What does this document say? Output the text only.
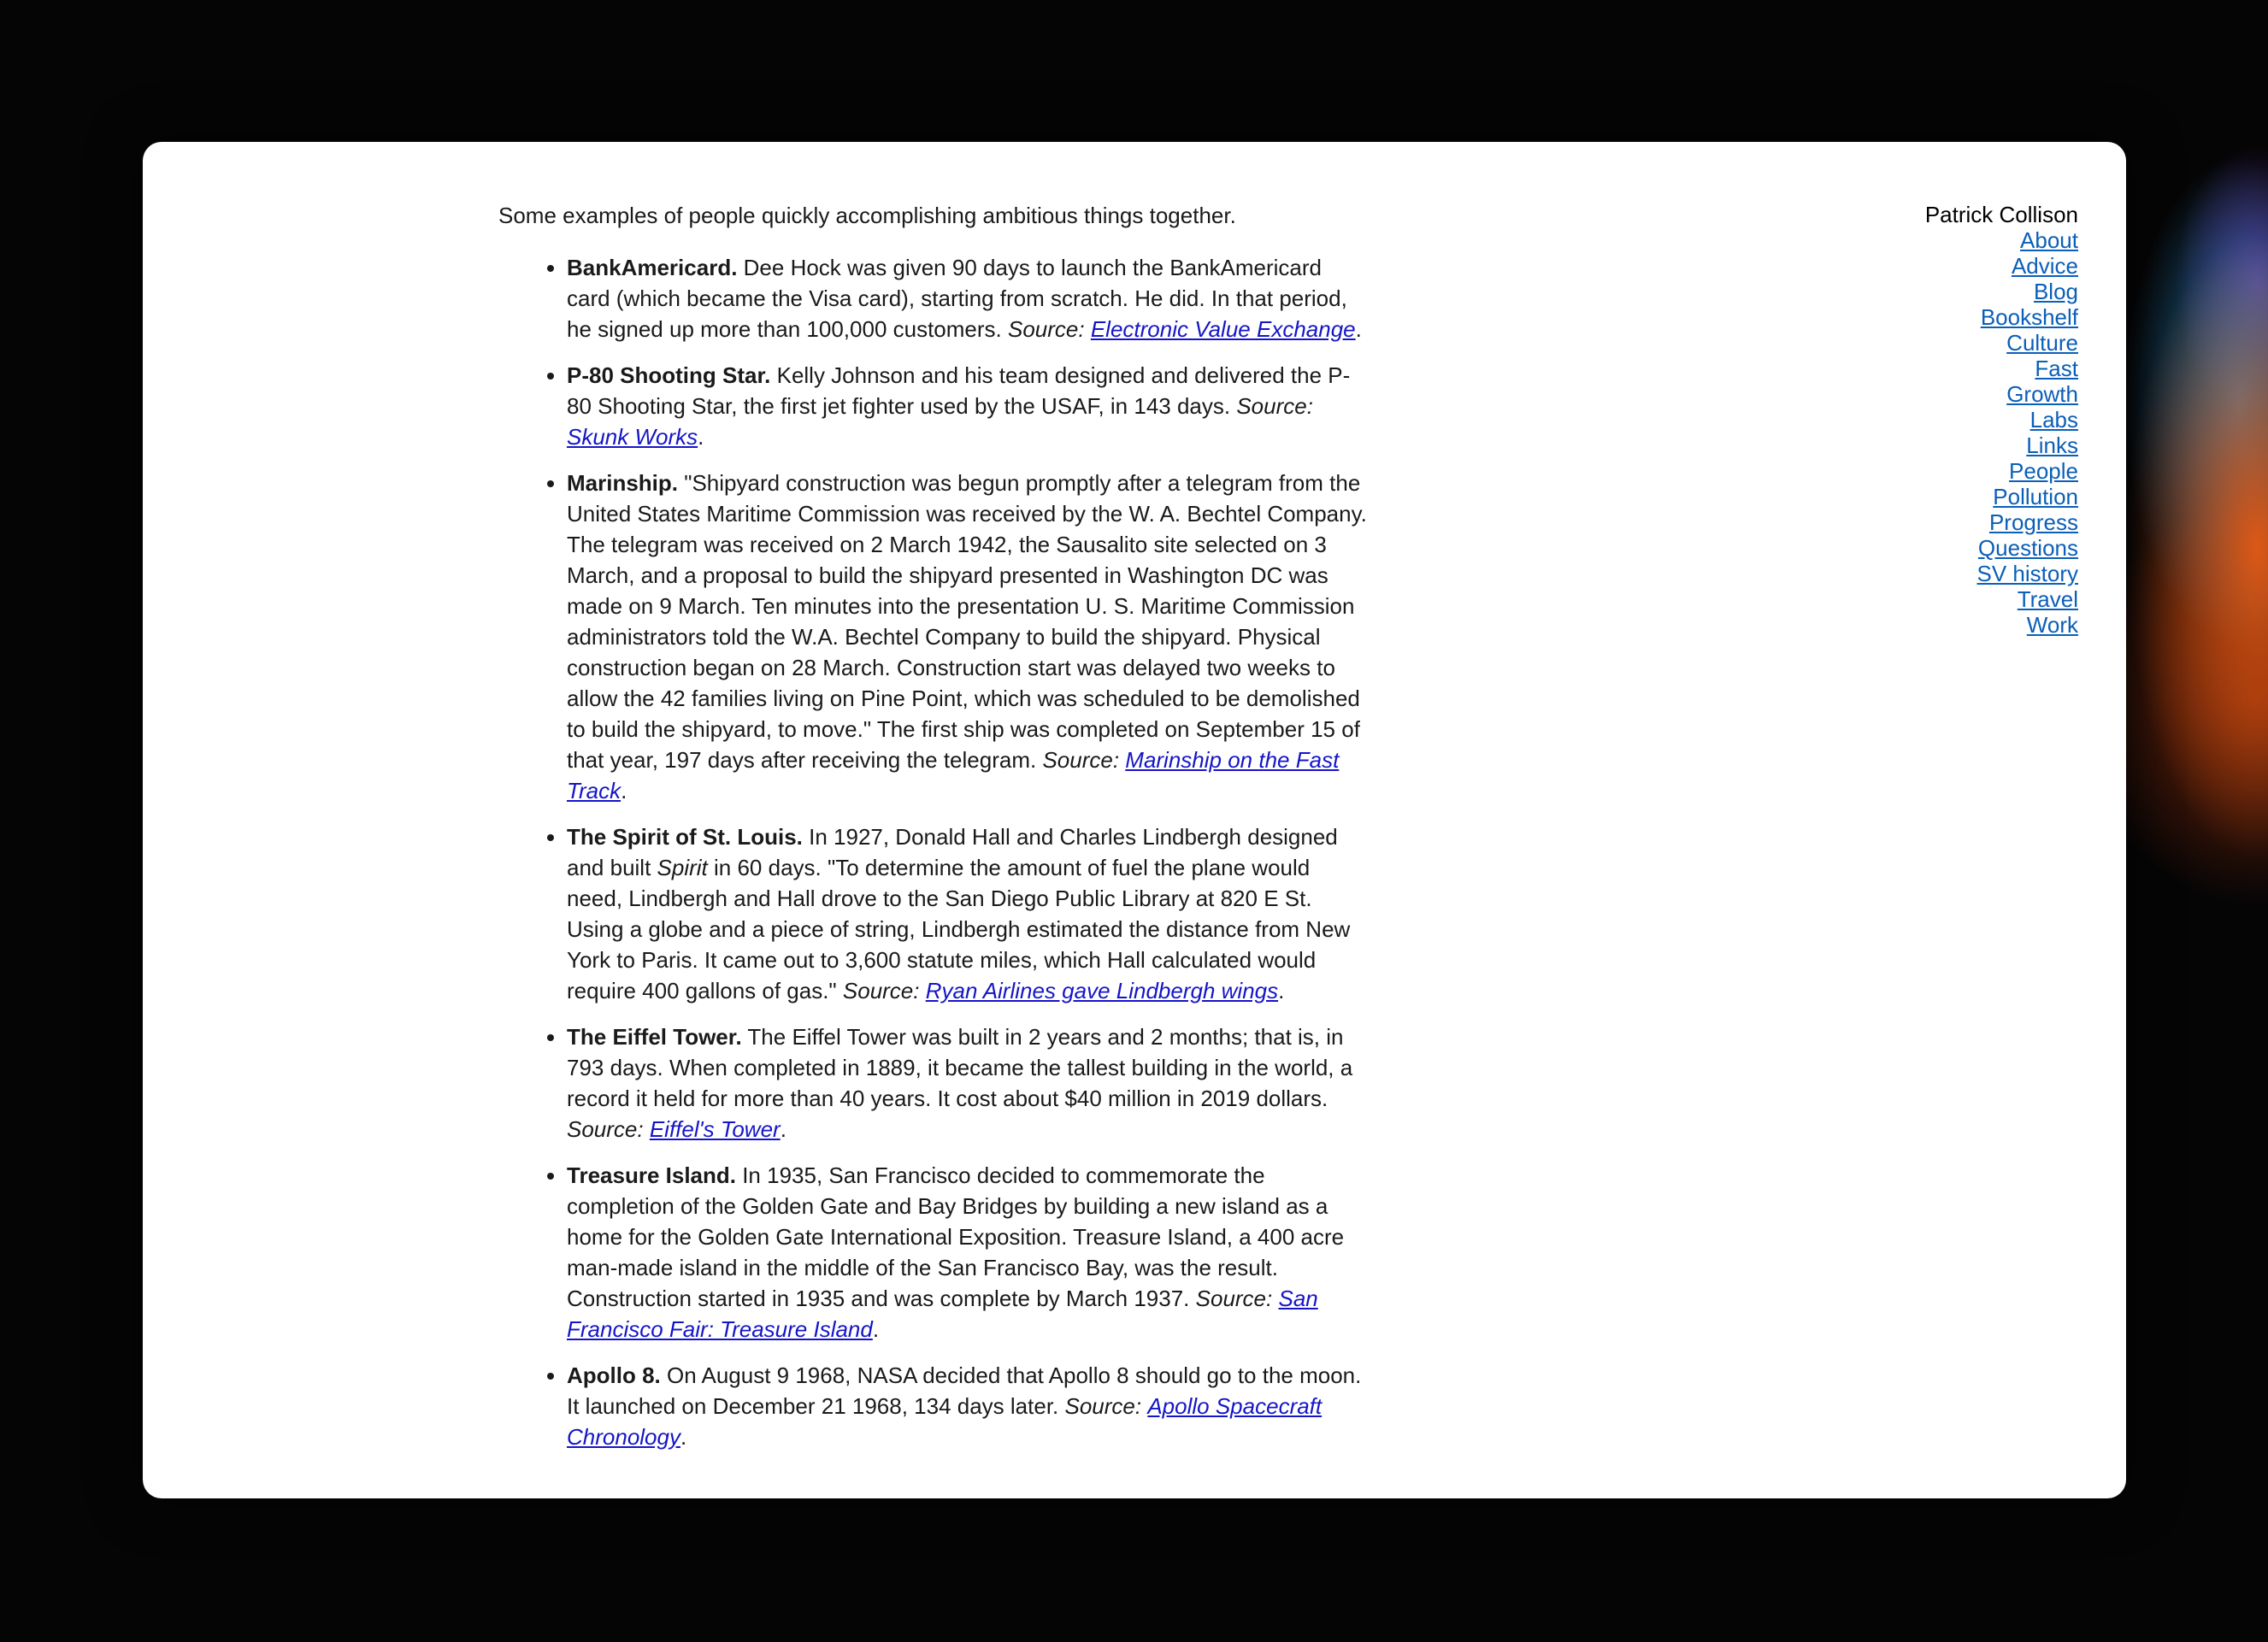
Some examples of people quickly accomplishing ambitious things together.

• BankAmericard. Dee Hock was given 90 days to launch the BankAmericard card (which became the Visa card), starting from scratch. He did. In that period, he signed up more than 100,000 customers. Source: Electronic Value Exchange.
• P-80 Shooting Star. Kelly Johnson and his team designed and delivered the P-80 Shooting Star, the first jet fighter used by the USAF, in 143 days. Source: Skunk Works.
• Marinship. "Shipyard construction was begun promptly after a telegram from the United States Maritime Commission was received by the W. A. Bechtel Company. The telegram was received on 2 March 1942, the Sausalito site selected on 3 March, and a proposal to build the shipyard presented in Washington DC was made on 9 March. Ten minutes into the presentation U. S. Maritime Commission administrators told the W.A. Bechtel Company to build the shipyard. Physical construction began on 28 March. Construction start was delayed two weeks to allow the 42 families living on Pine Point, which was scheduled to be demolished to build the shipyard, to move." The first ship was completed on September 15 of that year, 197 days after receiving the telegram. Source: Marinship on the Fast Track.
• The Spirit of St. Louis. In 1927, Donald Hall and Charles Lindbergh designed and built Spirit in 60 days. "To determine the amount of fuel the plane would need, Lindbergh and Hall drove to the San Diego Public Library at 820 E St. Using a globe and a piece of string, Lindbergh estimated the distance from New York to Paris. It came out to 3,600 statute miles, which Hall calculated would require 400 gallons of gas." Source: Ryan Airlines gave Lindbergh wings.
• The Eiffel Tower. The Eiffel Tower was built in 2 years and 2 months; that is, in 793 days. When completed in 1889, it became the tallest building in the world, a record it held for more than 40 years. It cost about $40 million in 2019 dollars. Source: Eiffel's Tower.
• Treasure Island. In 1935, San Francisco decided to commemorate the completion of the Golden Gate and Bay Bridges by building a new island as a home for the Golden Gate International Exposition. Treasure Island, a 400 acre man-made island in the middle of the San Francisco Bay, was the result. Construction started in 1935 and was complete by March 1937. Source: San Francisco Fair: Treasure Island.
• Apollo 8. On August 9 1968, NASA decided that Apollo 8 should go to the moon. It launched on December 21 1968, 134 days later. Source: Apollo Spacecraft Chronology.
Patrick Collison
About
Advice
Blog
Bookshelf
Culture
Fast
Growth
Labs
Links
People
Pollution
Progress
Questions
SV history
Travel
Work
